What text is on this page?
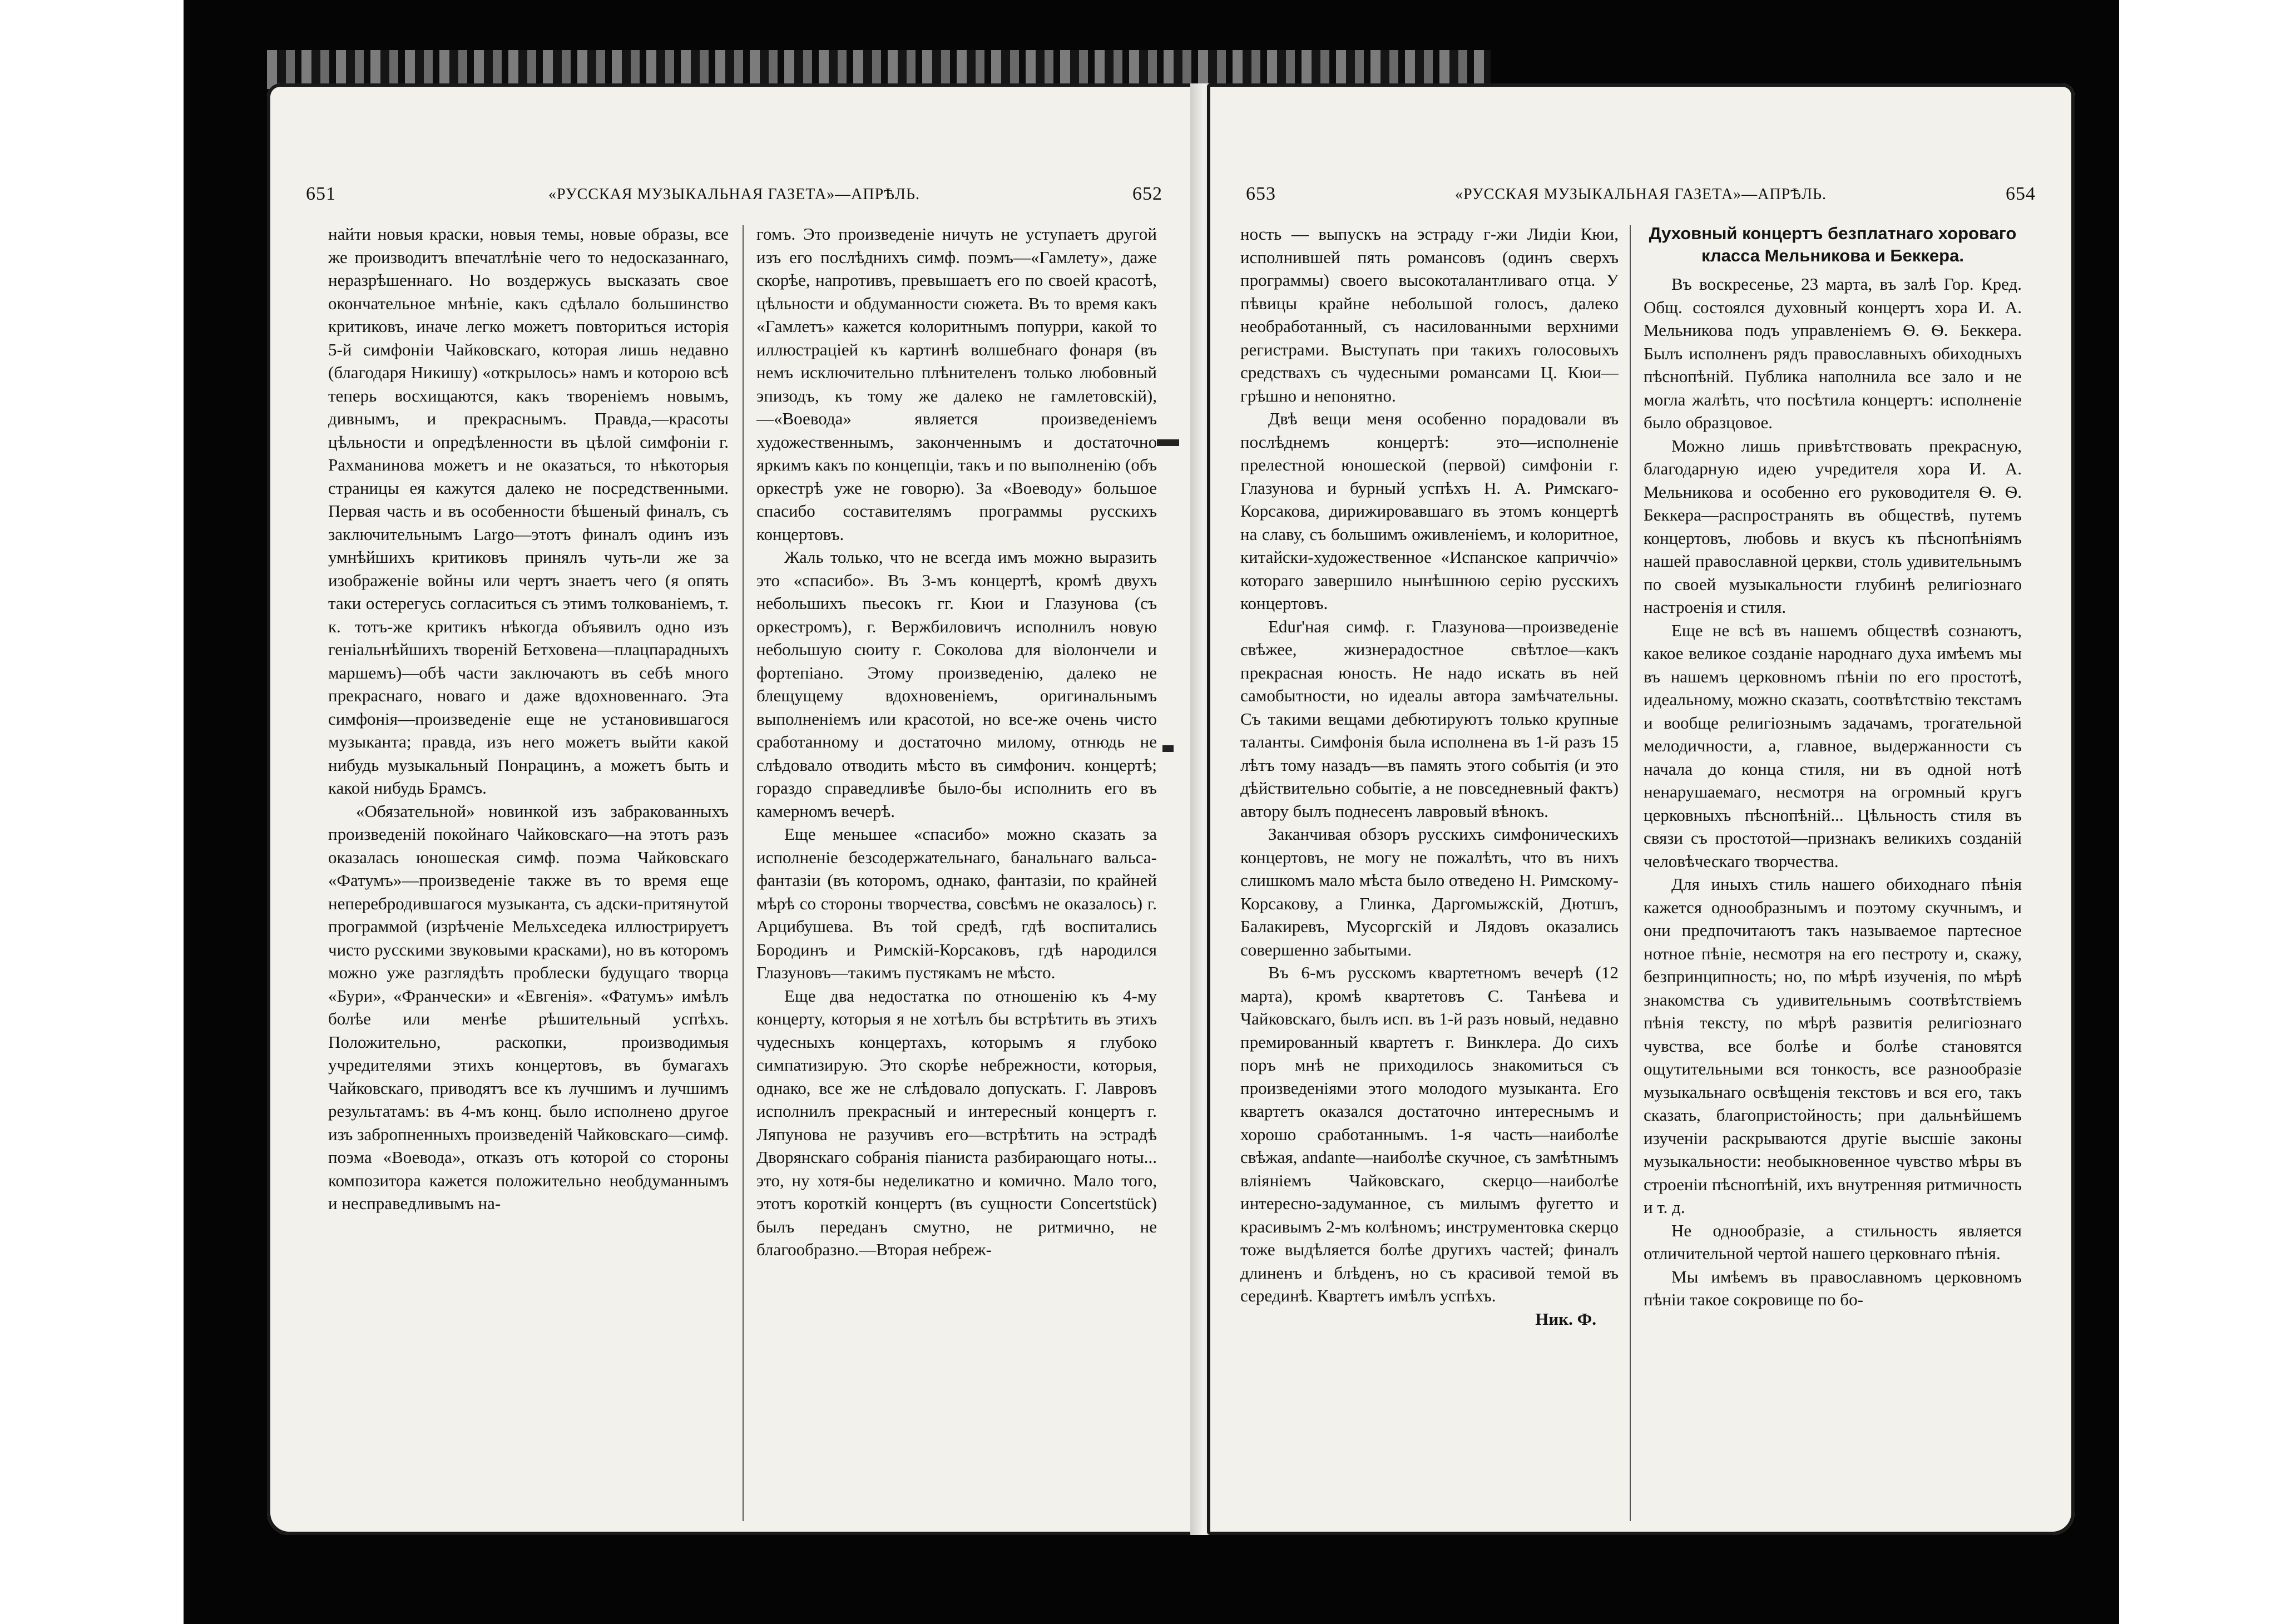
651	«РУССКАЯ МУЗЫКАЛЬНАЯ ГАЗЕТА»—АПРѢЛЬ.	652

найти новыя краски, новыя темы, новые образы, все же производитъ впечатлѣніе чего то недосказаннаго, неразрѣшеннаго. Но воздержусь высказать свое окончательное мнѣніе, какъ сдѣлало большинство критиковъ, иначе легко можетъ повториться исторія 5-й симфоніи Чайковскаго, которая лишь недавно (благодаря Никишу) «открылось» намъ и которою всѣ теперь восхищаются, какъ твореніемъ новымъ, дивнымъ, и прекраснымъ. Правда,—красоты цѣльности и опредѣленности въ цѣлой симфоніи г. Рахманинова можетъ и не оказаться, то нѣкоторыя страницы ея кажутся далеко не посредственными. Первая часть и въ особенности бѣшеный финалъ, съ заключительнымъ Largo—этотъ финалъ одинъ изъ умнѣйшихъ критиковъ принялъ чуть-ли же за изображеніе войны или чертъ знаетъ чего (я опять таки остерегусь согласиться съ этимъ толкованіемъ, т. к. тотъ-же критикъ нѣкогда объявилъ одно изъ геніальнѣйшихъ твореній Бетховена—плацпарадныхъ маршемъ)—обѣ части заключаютъ въ себѣ много прекраснаго, новаго и даже вдохновеннаго. Эта симфонія—произведеніе еще не установившагося музыканта; правда, изъ него можетъ выйти какой нибудь музыкальный Понрацинъ, а можетъ быть и какой нибудь Брамсъ.

«Обязательной» новинкой изъ забракованныхъ произведеній покойнаго Чайковскаго—на этотъ разъ оказалась юношеская симф. поэма Чайковскаго «Фатумъ»—произведеніе также въ то время еще неперебродившагося музыканта, съ адски-притянутой программой (изрѣченіе Мельхседека иллюстрируетъ чисто русскими звуковыми красками), но въ которомъ можно уже разглядѣть проблески будущаго творца «Бури», «Франчески» и «Евгенія». «Фатумъ» имѣлъ болѣе или менѣе рѣшительный успѣхъ. Положительно, раскопки, производимыя учредителями этихъ концертовъ, въ бумагахъ Чайковскаго, приводятъ все къ лучшимъ и лучшимъ результатамъ: въ 4-мъ конц. было исполнено другое изъ забропненныхъ произведеній Чайковскаго—симф. поэма «Воевода», отказъ отъ которой со стороны композитора кажется положительно необдуманнымъ и несправедливымъ на-

гомъ. Это произведеніе ничуть не уступаетъ другой изъ его послѣднихъ симф. поэмъ—«Гамлету», даже скорѣе, напротивъ, превышаетъ его по своей красотѣ, цѣльности и обдуманности сюжета. Въ то время какъ «Гамлетъ» кажется колоритнымъ попурри, какой то иллюстраціей къ картинѣ волшебнаго фонаря (въ немъ исключительно плѣнителенъ только любовный эпизодъ, къ тому же далеко не гамлетовскій),—«Воевода» является произведеніемъ художественнымъ, законченнымъ и достаточно яркимъ какъ по концепціи, такъ и по выполненію (объ оркестрѣ уже не говорю). За «Воеводу» большое спасибо составителямъ программы русскихъ концертовъ.

Жаль только, что не всегда имъ можно выразить это «спасибо». Въ 3-мъ концертѣ, кромѣ двухъ небольшихъ пьесокъ гг. Кюи и Глазунова (съ оркестромъ), г. Вержбиловичъ исполнилъ новую небольшую сюиту г. Соколова для віолончели и фортепіано. Этому произведенію, далеко не блещущему вдохновеніемъ, оригинальнымъ выполненіемъ или красотой, но все-же очень чисто сработанному и достаточно милому, отнюдь не слѣдовало отводить мѣсто въ симфонич. концертѣ; гораздо справедливѣе было-бы исполнить его въ камерномъ вечерѣ.

Еще меньшее «спасибо» можно сказать за исполненіе безсодержательнаго, банальнаго вальса-фантазіи (въ которомъ, однако, фантазіи, по крайней мѣрѣ со стороны творчества, совсѣмъ не оказалось) г. Арцибушева. Въ той средѣ, гдѣ воспитались Бородинъ и Римскій-Корсаковъ, гдѣ народился Глазуновъ—такимъ пустякамъ не мѣсто.

Еще два недостатка по отношенію къ 4-му концерту, которыя я не хотѣлъ бы встрѣтить въ этихъ чудесныхъ концертахъ, которымъ я глубоко симпатизирую. Это скорѣе небрежности, которыя, однако, все же не слѣдовало допускать. Г. Лавровъ исполнилъ прекрасный и интересный концертъ г. Ляпунова не разучивъ его—встрѣтить на эстрадѣ Дворянскаго собранія піаниста разбирающаго ноты... это, ну хотя-бы неделикатно и комично. Мало того, этотъ короткій концертъ (въ сущности Concertstück) былъ переданъ смутно, не ритмично, не благообразно.—Вторая небреж-

653	«РУССКАЯ МУЗЫКАЛЬНАЯ ГАЗЕТА»—АПРѢЛЬ.	654

ность — выпускъ на эстраду г-жи Лидіи Кюи, исполнившей пять романсовъ (одинъ сверхъ программы) своего высокоталантливаго отца. У пѣвицы крайне небольшой голосъ, далеко необработанный, съ насилованными верхними регистрами. Выступать при такихъ голосовыхъ средствахъ съ чудесными романсами Ц. Кюи—грѣшно и непонятно.

Двѣ вещи меня особенно порадовали въ послѣднемъ концертѣ: это—исполненіе прелестной юношеской (первой) симфоніи г. Глазунова и бурный успѣхъ Н. А. Римскаго-Корсакова, дирижировавшаго въ этомъ концертѣ на славу, съ большимъ оживленіемъ, и колоритное, китайски-художественное «Испанское каприччіо» котораго завершило нынѣшнюю серію русскихъ концертовъ.

Edur'ная симф. г. Глазунова—произведеніе свѣжее, жизнерадостное свѣтлое—какъ прекрасная юность. Не надо искать въ ней самобытности, но идеалы автора замѣчательны. Съ такими вещами дебютируютъ только крупные таланты. Симфонія была исполнена въ 1-й разъ 15 лѣтъ тому назадъ—въ память этого событія (и это дѣйствительно событіе, а не повседневный фактъ) автору былъ поднесенъ лавровый вѣнокъ.

Заканчивая обзоръ русскихъ симфоническихъ концертовъ, не могу не пожалѣть, что въ нихъ слишкомъ мало мѣста было отведено Н. Римскому-Корсакову, а Глинка, Даргомыжскій, Дютшъ, Балакиревъ, Мусоргскій и Лядовъ оказались совершенно забытыми.

Въ 6-мъ русскомъ квартетномъ вечерѣ (12 марта), кромѣ квартетовъ С. Танѣева и Чайковскаго, былъ исп. въ 1-й разъ новый, недавно премированный квартетъ г. Винклера. До сихъ поръ мнѣ не приходилось знакомиться съ произведеніями этого молодого музыканта. Его квартетъ оказался достаточно интереснымъ и хорошо сработаннымъ. 1-я часть—наиболѣе свѣжая, andante—наиболѣе скучное, съ замѣтнымъ вліяніемъ Чайковскаго, скерцо—наиболѣе интересно-задуманное, съ милымъ фугетто и красивымъ 2-мъ колѣномъ; инструментовка скерцо тоже выдѣляется болѣе другихъ частей; финалъ длиненъ и блѣденъ, но съ красивой темой въ серединѣ. Квартетъ имѣлъ успѣхъ.

Ник. Ф.
Духовный концертъ безплатнаго хороваго класса Мельникова и Беккера.

Въ воскресенье, 23 марта, въ залѣ Гор. Кред. Общ. состоялся духовный концертъ хора И. А. Мельникова подъ управленіемъ Ѳ. Ѳ. Беккера. Былъ исполненъ рядъ православныхъ обиходныхъ пѣснопѣній. Публика наполнила все зало и не могла жалѣть, что посѣтила концертъ: исполненіе было образцовое.

Можно лишь привѣтствовать прекрасную, благодарную идею учредителя хора И. А. Мельникова и особенно его руководителя Ѳ. Ѳ. Беккера—распространять въ обществѣ, путемъ концертовъ, любовь и вкусъ къ пѣснопѣніямъ нашей православной церкви, столь удивительнымъ по своей музыкальности глубинѣ религіознаго настроенія и стиля.

Еще не всѣ въ нашемъ обществѣ сознаютъ, какое великое созданіе народнаго духа имѣемъ мы въ нашемъ церковномъ пѣніи по его простотѣ, идеальному, можно сказать, соотвѣтствію текстамъ и вообще религіознымъ задачамъ, трогательной мелодичности, а, главное, выдержанности съ начала до конца стиля, ни въ одной нотѣ ненарушаемаго, несмотря на огромный кругъ церковныхъ пѣснопѣній... Цѣльность стиля въ связи съ простотой—признакъ великихъ созданій человѣческаго творчества.

Для иныхъ стиль нашего обиходнаго пѣнія кажется однообразнымъ и поэтому скучнымъ, и они предпочитаютъ такъ называемое партесное нотное пѣніе, несмотря на его пестроту и, скажу, безпринципность; но, по мѣрѣ изученія, по мѣрѣ знакомства съ удивительнымъ соотвѣтствіемъ пѣнія тексту, по мѣрѣ развитія религіознаго чувства, все болѣе и болѣе становятся ощутительными вся тонкость, все разнообразіе музыкальнаго освѣщенія текстовъ и вся его, такъ сказать, благопристойность; при дальнѣйшемъ изученіи раскрываются другіе высшіе законы музыкальности: необыкновенное чувство мѣры въ строеніи пѣснопѣній, ихъ внутренняя ритмичность и т. д.

Не однообразіе, а стильность является отличительной чертой нашего церковнаго пѣнія.

Мы имѣемъ въ православномъ церковномъ пѣніи такое сокровище по бо-
